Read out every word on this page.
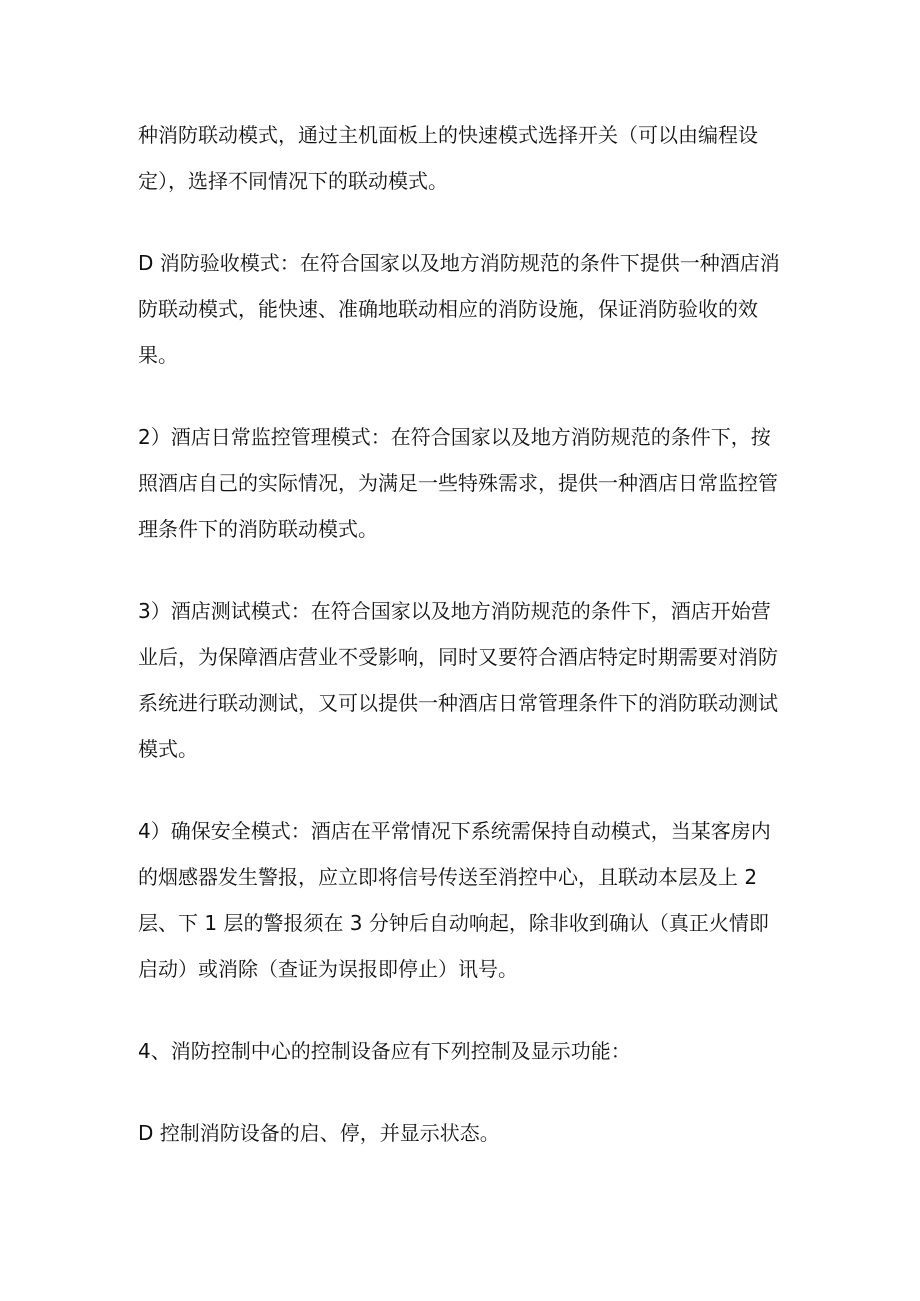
种消防联动模式，通过主机面板上的快速模式选择开关（可以由编程设
定），选择不同情况下的联动模式。

D 消防验收模式：在符合国家以及地方消防规范的条件下提供一种酒店消
防联动模式，能快速、准确地联动相应的消防设施，保证消防验收的效
果。

2）酒店日常监控管理模式：在符合国家以及地方消防规范的条件下，按
照酒店自己的实际情况，为满足一些特殊需求，提供一种酒店日常监控管
理条件下的消防联动模式。

3）酒店测试模式：在符合国家以及地方消防规范的条件下，酒店开始营
业后，为保障酒店营业不受影响，同时又要符合酒店特定时期需要对消防
系统进行联动测试，又可以提供一种酒店日常管理条件下的消防联动测试
模式。

4）确保安全模式：酒店在平常情况下系统需保持自动模式，当某客房内
的烟感器发生警报，应立即将信号传送至消控中心，且联动本层及上 2
层、下 1 层的警报须在 3 分钟后自动响起，除非收到确认（真正火情即
启动）或消除（查证为误报即停止）讯号。

4、消防控制中心的控制设备应有下列控制及显示功能：

D 控制消防设备的启、停，并显示状态。
